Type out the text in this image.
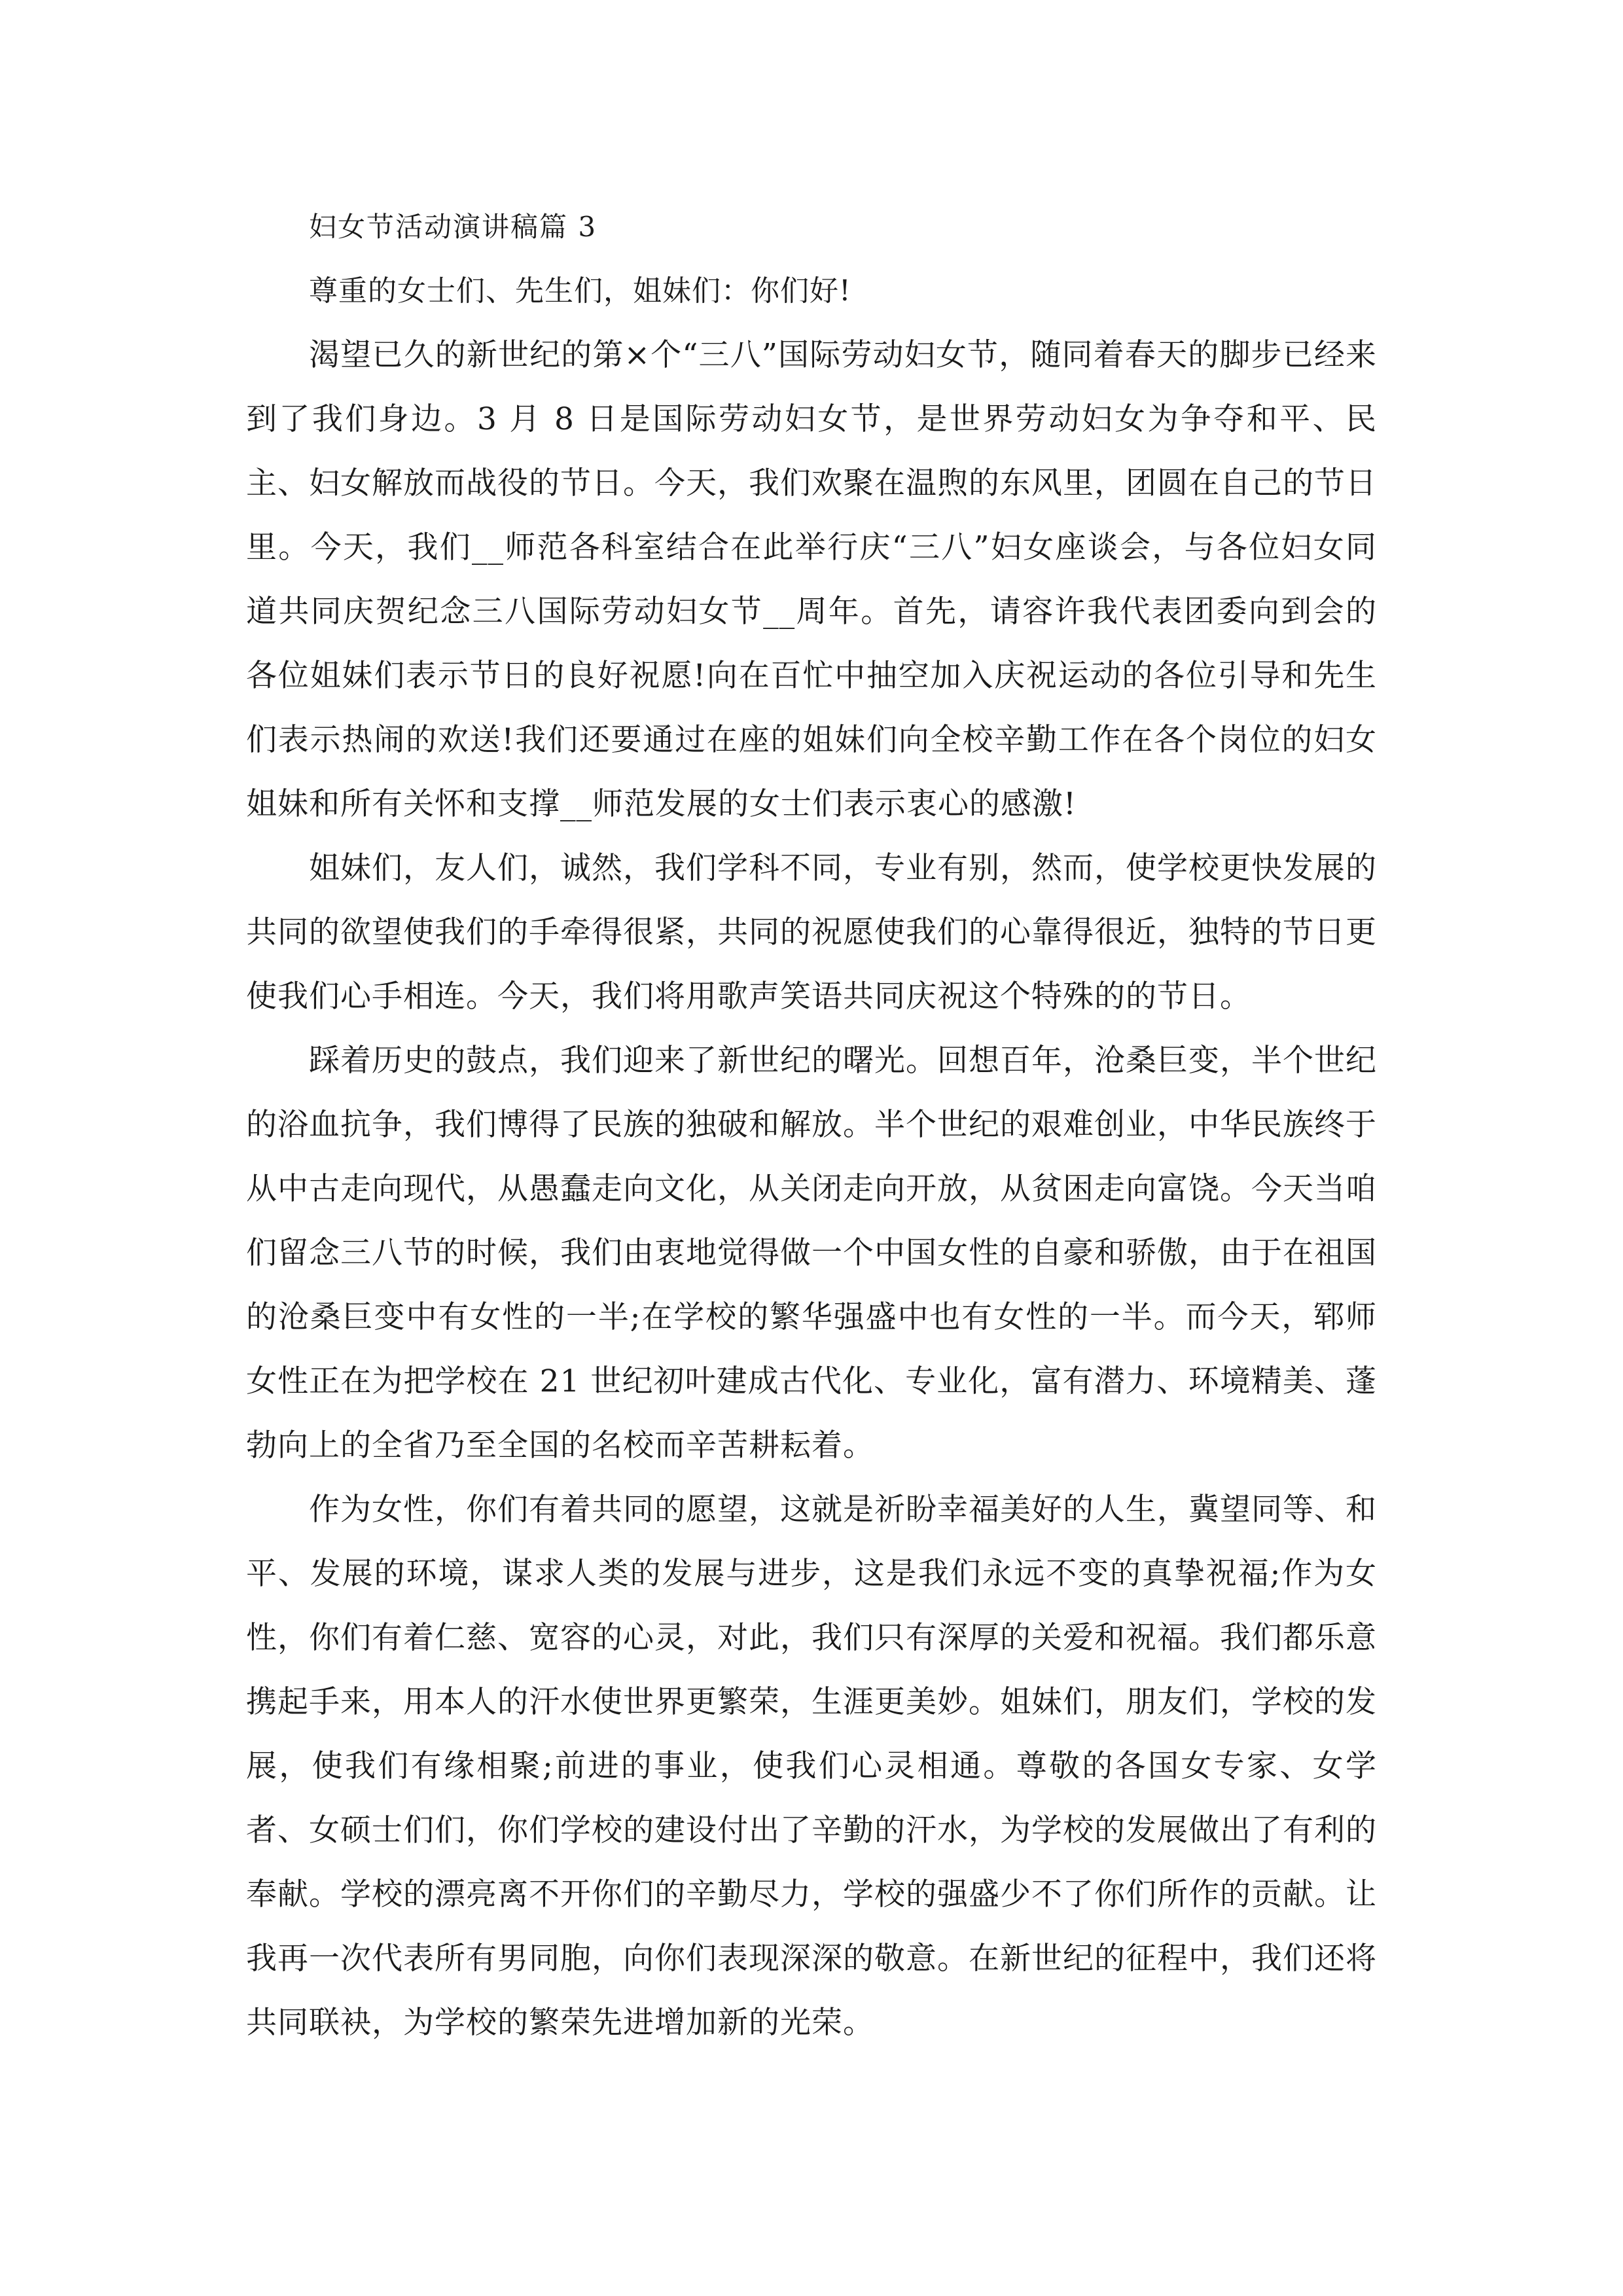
妇女节活动演讲稿篇 3

尊重的女士们、先生们，姐妹们：你们好!

渴望已久的新世纪的第×个“三八”国际劳动妇女节，随同着春天的脚步已经来到了我们身边。3 月 8 日是国际劳动妇女节，是世界劳动妇女为争夺和平、民主、妇女解放而战役的节日。今天，我们欢聚在温煦的东风里，团圆在自己的节日里。今天，我们__师范各科室结合在此举行庆“三八”妇女座谈会，与各位妇女同道共同庆贺纪念三八国际劳动妇女节__周年。首先，请容许我代表团委向到会的各位姐妹们表示节日的良好祝愿!向在百忙中抽空加入庆祝运动的各位引导和先生们表示热闹的欢送!我们还要通过在座的姐妹们向全校辛勤工作在各个岗位的妇女姐妹和所有关怀和支撑__师范发展的女士们表示衷心的感激!

姐妹们，友人们，诚然，我们学科不同，专业有别，然而，使学校更快发展的共同的欲望使我们的手牵得很紧，共同的祝愿使我们的心靠得很近，独特的节日更使我们心手相连。今天，我们将用歌声笑语共同庆祝这个特殊的的节日。

踩着历史的鼓点，我们迎来了新世纪的曙光。回想百年，沧桑巨变，半个世纪的浴血抗争，我们博得了民族的独破和解放。半个世纪的艰难创业，中华民族终于从中古走向现代，从愚蠢走向文化，从关闭走向开放，从贫困走向富饶。今天当咱们留念三八节的时候，我们由衷地觉得做一个中国女性的自豪和骄傲，由于在祖国的沧桑巨变中有女性的一半;在学校的繁华强盛中也有女性的一半。而今天，郓师女性正在为把学校在 21 世纪初叶建成古代化、专业化，富有潜力、环境精美、蓬勃向上的全省乃至全国的名校而辛苦耕耘着。

作为女性，你们有着共同的愿望，这就是祈盼幸福美好的人生，冀望同等、和平、发展的环境，谋求人类的发展与进步，这是我们永远不变的真挚祝福;作为女性，你们有着仁慈、宽容的心灵，对此，我们只有深厚的关爱和祝福。我们都乐意携起手来，用本人的汗水使世界更繁荣，生涯更美妙。姐妹们，朋友们，学校的发展，使我们有缘相聚;前进的事业，使我们心灵相通。尊敬的各国女专家、女学者、女硕士们们，你们学校的建设付出了辛勤的汗水，为学校的发展做出了有利的奉献。学校的漂亮离不开你们的辛勤尽力，学校的强盛少不了你们所作的贡献。让我再一次代表所有男同胞，向你们表现深深的敬意。在新世纪的征程中，我们还将共同联袂，为学校的繁荣先进增加新的光荣。
